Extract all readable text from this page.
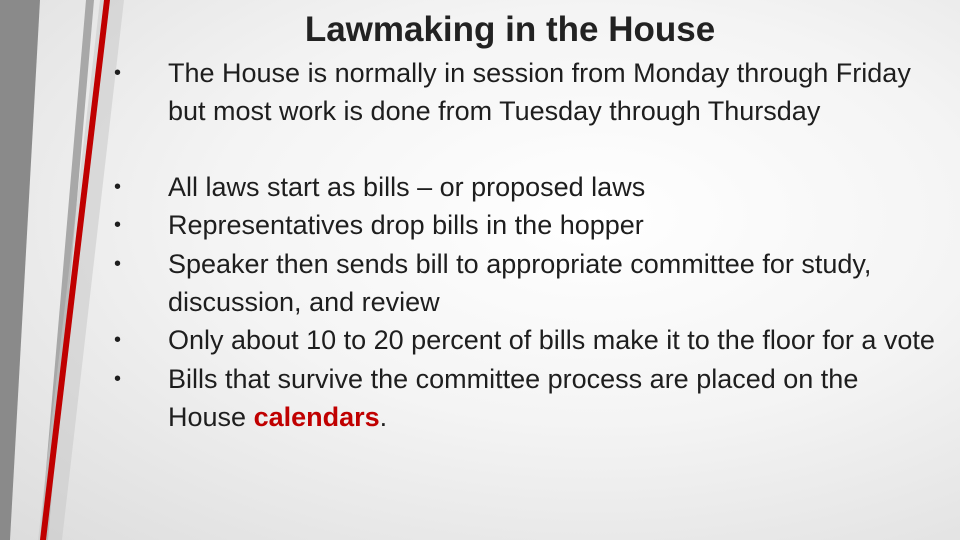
Lawmaking in the House
•	The House is normally in session from Monday through Friday but most work is done from Tuesday through Thursday
•	All laws start as bills – or proposed laws
•	Representatives drop bills in the hopper
•	Speaker then sends bill to appropriate committee for study, discussion, and review
•	Only about 10 to 20 percent of bills make it to the floor for a vote
•	Bills that survive the committee process are placed on the House calendars.
